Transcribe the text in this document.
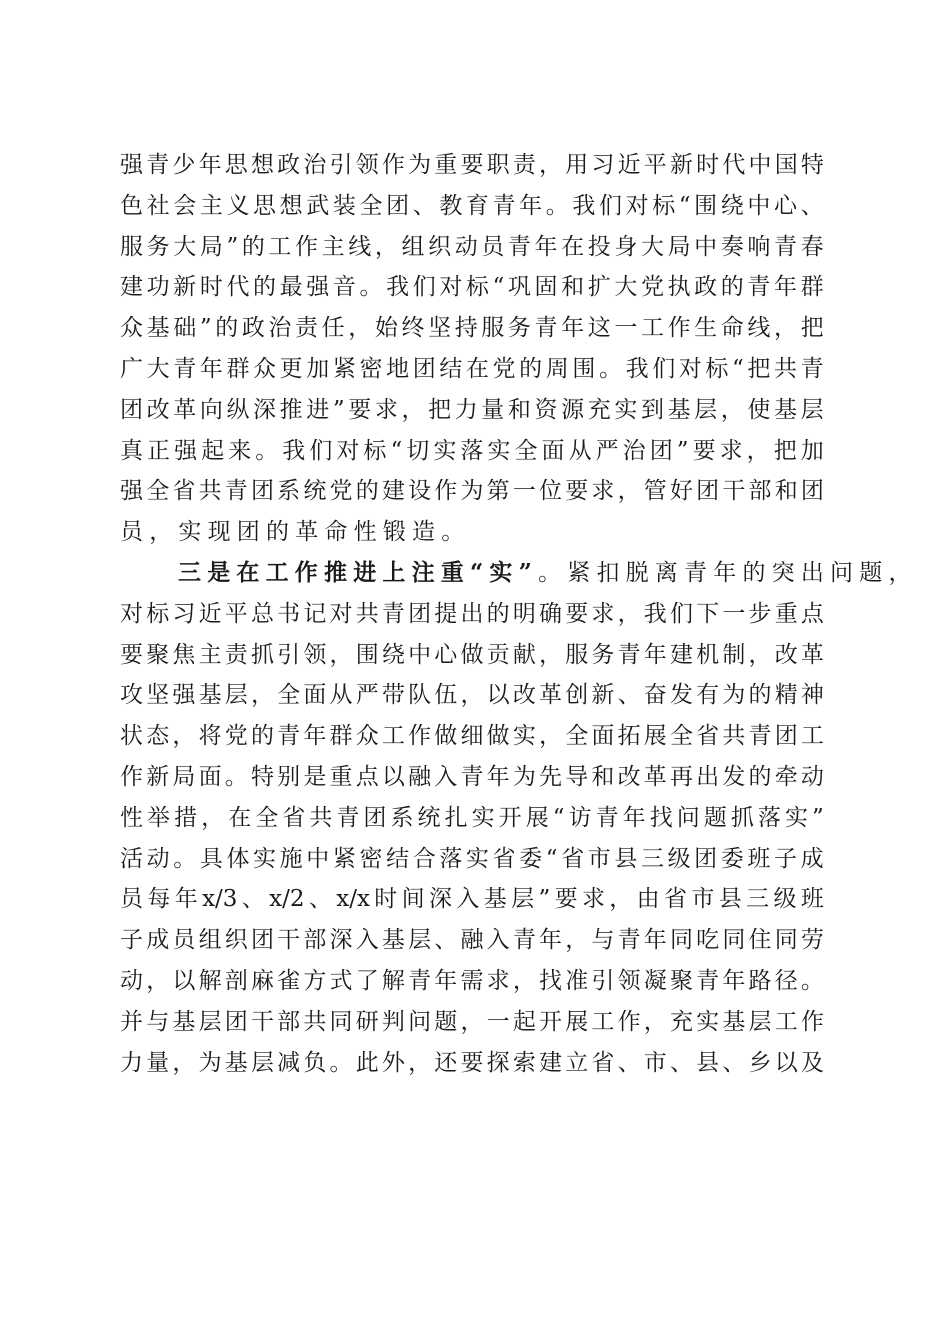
强 青 少 年 思 想 政 治 引 领 作 为 重 要 职 责 ， 用 习 近 平 新 时 代 中 国 特
色 社 会 主 义 思 想 武 装 全 团 、 教 育 青 年 。 我 们 对 标 “ 围 绕 中 心 、
服 务 大 局 ” 的 工 作 主 线 ， 组 织 动 员 青 年 在 投 身 大 局 中 奏 响 青 春
建 功 新 时 代 的 最 强 音 。 我 们 对 标 “ 巩 固 和 扩 大 党 执 政 的 青 年 群
众 基 础 ” 的 政 治 责 任 ， 始 终 坚 持 服 务 青 年 这 一 工 作 生 命 线 ， 把
广 大 青 年 群 众 更 加 紧 密 地 团 结 在 党 的 周 围 。 我 们 对 标 “ 把 共 青
团 改 革 向 纵 深 推 进 ” 要 求 ， 把 力 量 和 资 源 充 实 到 基 层 ， 使 基 层
真 正 强 起 来 。 我 们 对 标 “ 切 实 落 实 全 面 从 严 治 团 ” 要 求 ， 把 加
强 全 省 共 青 团 系 统 党 的 建 设 作 为 第 一 位 要 求 ， 管 好 团 干 部 和 团
员，实现团的革命性锻造。
三是在工作推进上注重“实”。紧扣脱离青年的突出问题，
对 标 习 近 平 总 书 记 对 共 青 团 提 出 的 明 确 要 求 ， 我 们 下 一 步 重 点
要 聚 焦 主 责 抓 引 领 ， 围 绕 中 心 做 贡 献 ， 服 务 青 年 建 机 制 ， 改 革
攻 坚 强 基 层 ， 全 面 从 严 带 队 伍 ， 以 改 革 创 新 、 奋 发 有 为 的 精 神
状 态 ， 将 党 的 青 年 群 众 工 作 做 细 做 实 ， 全 面 拓 展 全 省 共 青 团 工
作 新 局 面 。 特 别 是 重 点 以 融 入 青 年 为 先 导 和 改 革 再 出 发 的 牵 动
性 举 措 ， 在 全 省 共 青 团 系 统 扎 实 开 展 “ 访 青 年 找 问 题 抓 落 实 ”
活 动 。 具 体 实 施 中 紧 密 结 合 落 实 省 委 “ 省 市 县 三 级 团 委 班 子 成
员 每 年 x/3 、 x/2 、 x/x 时 间 深 入 基 层 ” 要 求 ， 由 省 市 县 三 级 班
子 成 员 组 织 团 干 部 深 入 基 层 、 融 入 青 年 ， 与 青 年 同 吃 同 住 同 劳
动 ， 以 解 剖 麻 雀 方 式 了 解 青 年 需 求 ， 找 准 引 领 凝 聚 青 年 路 径 。
并 与 基 层 团 干 部 共 同 研 判 问 题 ， 一 起 开 展 工 作 ， 充 实 基 层 工 作
力 量 ， 为 基 层 减 负 。 此 外 ， 还 要 探 索 建 立 省 、 市 、 县 、 乡 以 及
